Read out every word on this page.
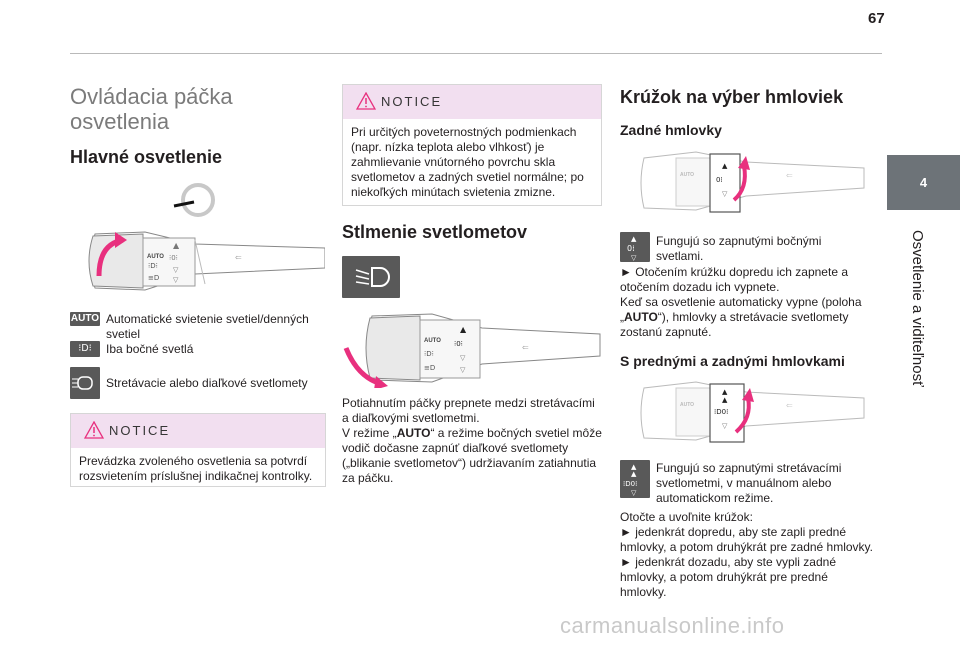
67
4
Osvetlenie a viditeľnosť
Ovládacia páčka osvetlenia
Hlavné osvetlenie
AUTO
⁝D⁝
≡D
▲
⁝0⁝
▽
▽
⇐
AUTO Automatické svietenie svetiel/denných svetiel
⁝D⁝	Iba bočné svetlá
Stretávacie alebo diaľkové svetlomety
NOTICE
Prevádzka zvoleného osvetlenia sa potvrdí rozsvietením príslušnej indikačnej kontrolky.
NOTICE
Pri určitých poveternostných podmienkach (napr. nízka teplota alebo vlhkosť) je zahmlievanie vnútorného povrchu skla svetlometov a zadných svetiel normálne; po niekoľkých minútach svietenia zmizne.
Stlmenie svetlometov
AUTO
⁝D⁝
≡D
▲
⁝0⁝
▽
▽
⇐
Potiahnutím páčky prepnete medzi stretávacími a diaľkovými svetlometmi.
V režime „AUTO“ a režime bočných svetiel môže vodič dočasne zapnúť diaľkové svetlomety („blikanie svetlometov“) udržiavaním zatiahnutia za páčku.
Krúžok na výber hmloviek
Zadné hmlovky
AUTO
▲
0⁞
▽
⇐
▲
0⁞
▽
Fungujú so zapnutými bočnými svetlami.
► Otočením krúžku dopredu ich zapnete a otočením dozadu ich vypnete.
Keď sa osvetlenie automaticky vypne (poloha „AUTO“), hmlovky a stretávacie svetlomety zostanú zapnuté.
S prednými a zadnými hmlovkami
AUTO
▲
▲
⁞D0⁞
▽
⇐
▲
▲
⁞D0⁞
▽
Fungujú so zapnutými stretávacími svetlometmi, v manuálnom alebo automatickom režime.
Otočte a uvoľnite krúžok:
► jedenkrát dopredu, aby ste zapli predné hmlovky, a potom druhýkrát pre zadné hmlovky.
► jedenkrát dozadu, aby ste vypli zadné hmlovky, a potom druhýkrát pre predné hmlovky.
carmanualsonline.info
